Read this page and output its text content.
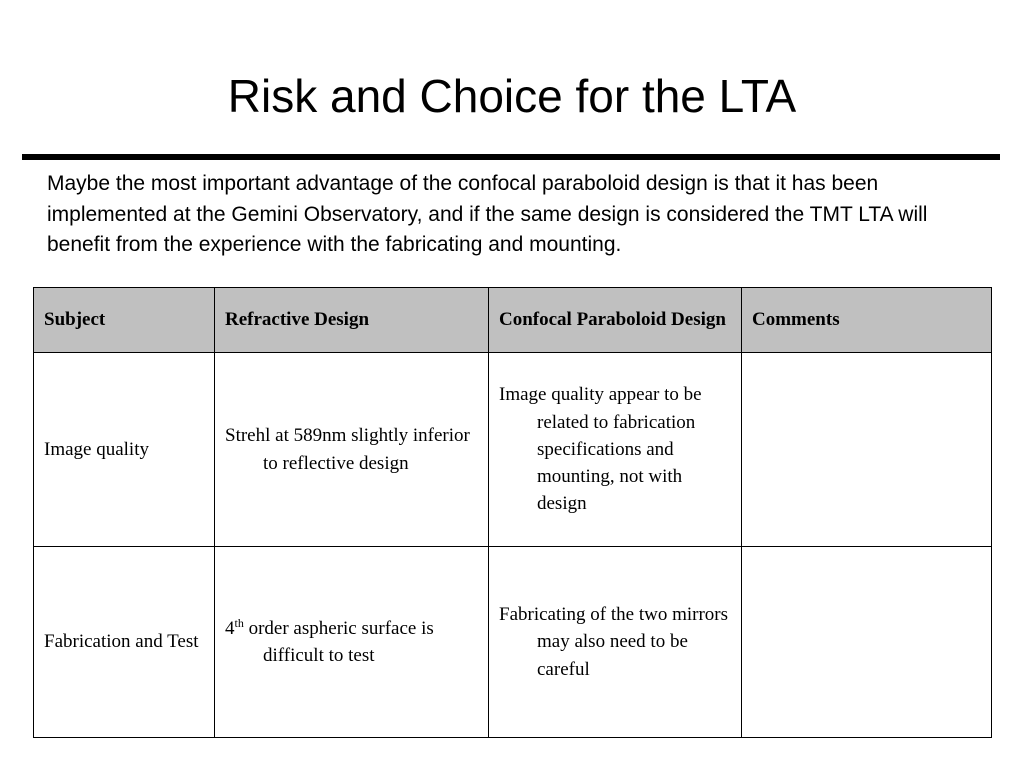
Risk and Choice for the LTA

Maybe the most important advantage of the confocal paraboloid design is that it has been implemented at the Gemini Observatory, and if the same design is considered the TMT LTA will benefit from the experience with the fabricating and mounting.

Subject	Refractive Design	Confocal Paraboloid Design	Comments

Image quality	Strehl at 589nm slightly inferior to reflective design	Image quality appear to be related to fabrication specifications and mounting, not with design	

Fabrication and Test	4th order aspheric surface is difficult to test	Fabricating of the two mirrors may also need to be careful	
